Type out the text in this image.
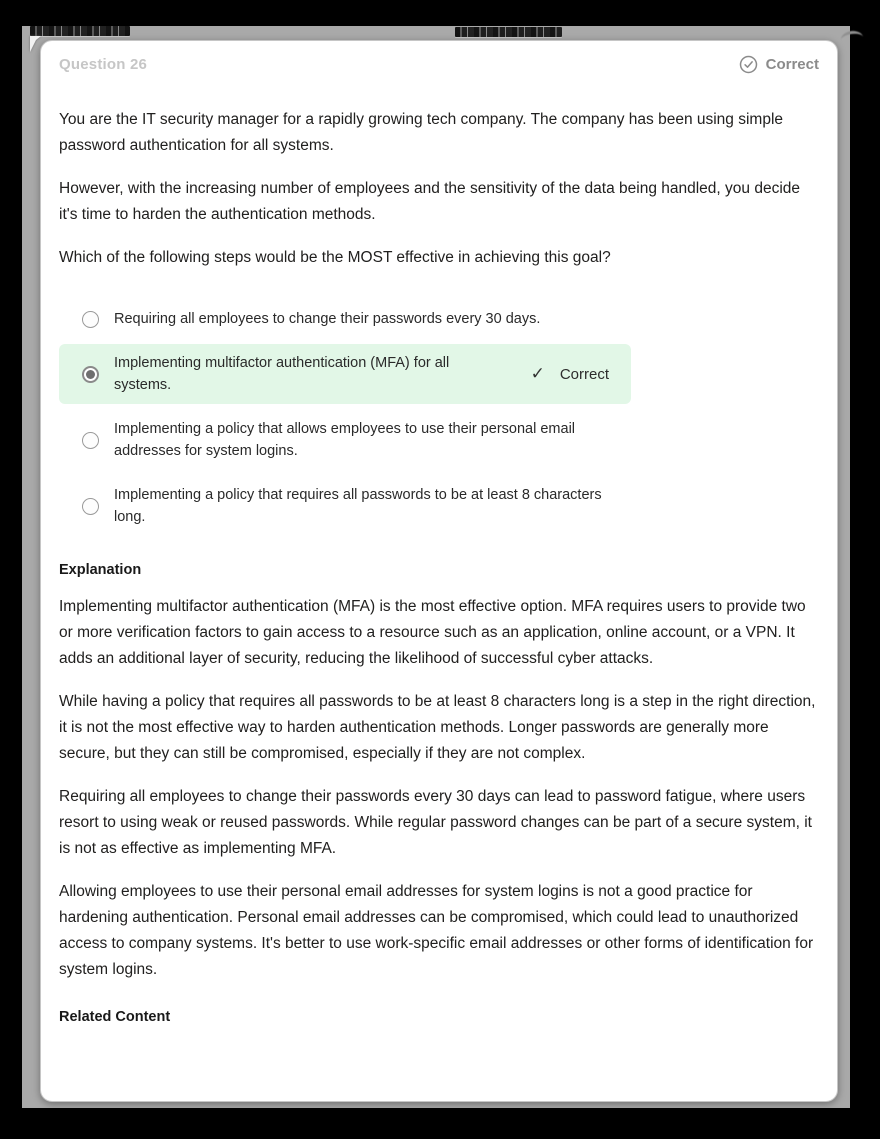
Question 26	Correct

You are the IT security manager for a rapidly growing tech company. The company has been using simple password authentication for all systems.

However, with the increasing number of employees and the sensitivity of the data being handled, you decide it's time to harden the authentication methods.

Which of the following steps would be the MOST effective in achieving this goal?

Requiring all employees to change their passwords every 30 days.
Implementing multifactor authentication (MFA) for all systems.
✓ Correct
Implementing a policy that allows employees to use their personal email addresses for system logins.
Implementing a policy that requires all passwords to be at least 8 characters long.
Explanation

Implementing multifactor authentication (MFA) is the most effective option. MFA requires users to provide two or more verification factors to gain access to a resource such as an application, online account, or a VPN. It adds an additional layer of security, reducing the likelihood of successful cyber attacks.

While having a policy that requires all passwords to be at least 8 characters long is a step in the right direction, it is not the most effective way to harden authentication methods. Longer passwords are generally more secure, but they can still be compromised, especially if they are not complex.

Requiring all employees to change their passwords every 30 days can lead to password fatigue, where users resort to using weak or reused passwords. While regular password changes can be part of a secure system, it is not as effective as implementing MFA.

Allowing employees to use their personal email addresses for system logins is not a good practice for hardening authentication. Personal email addresses can be compromised, which could lead to unauthorized access to company systems. It's better to use work-specific email addresses or other forms of identification for system logins.

Related Content
